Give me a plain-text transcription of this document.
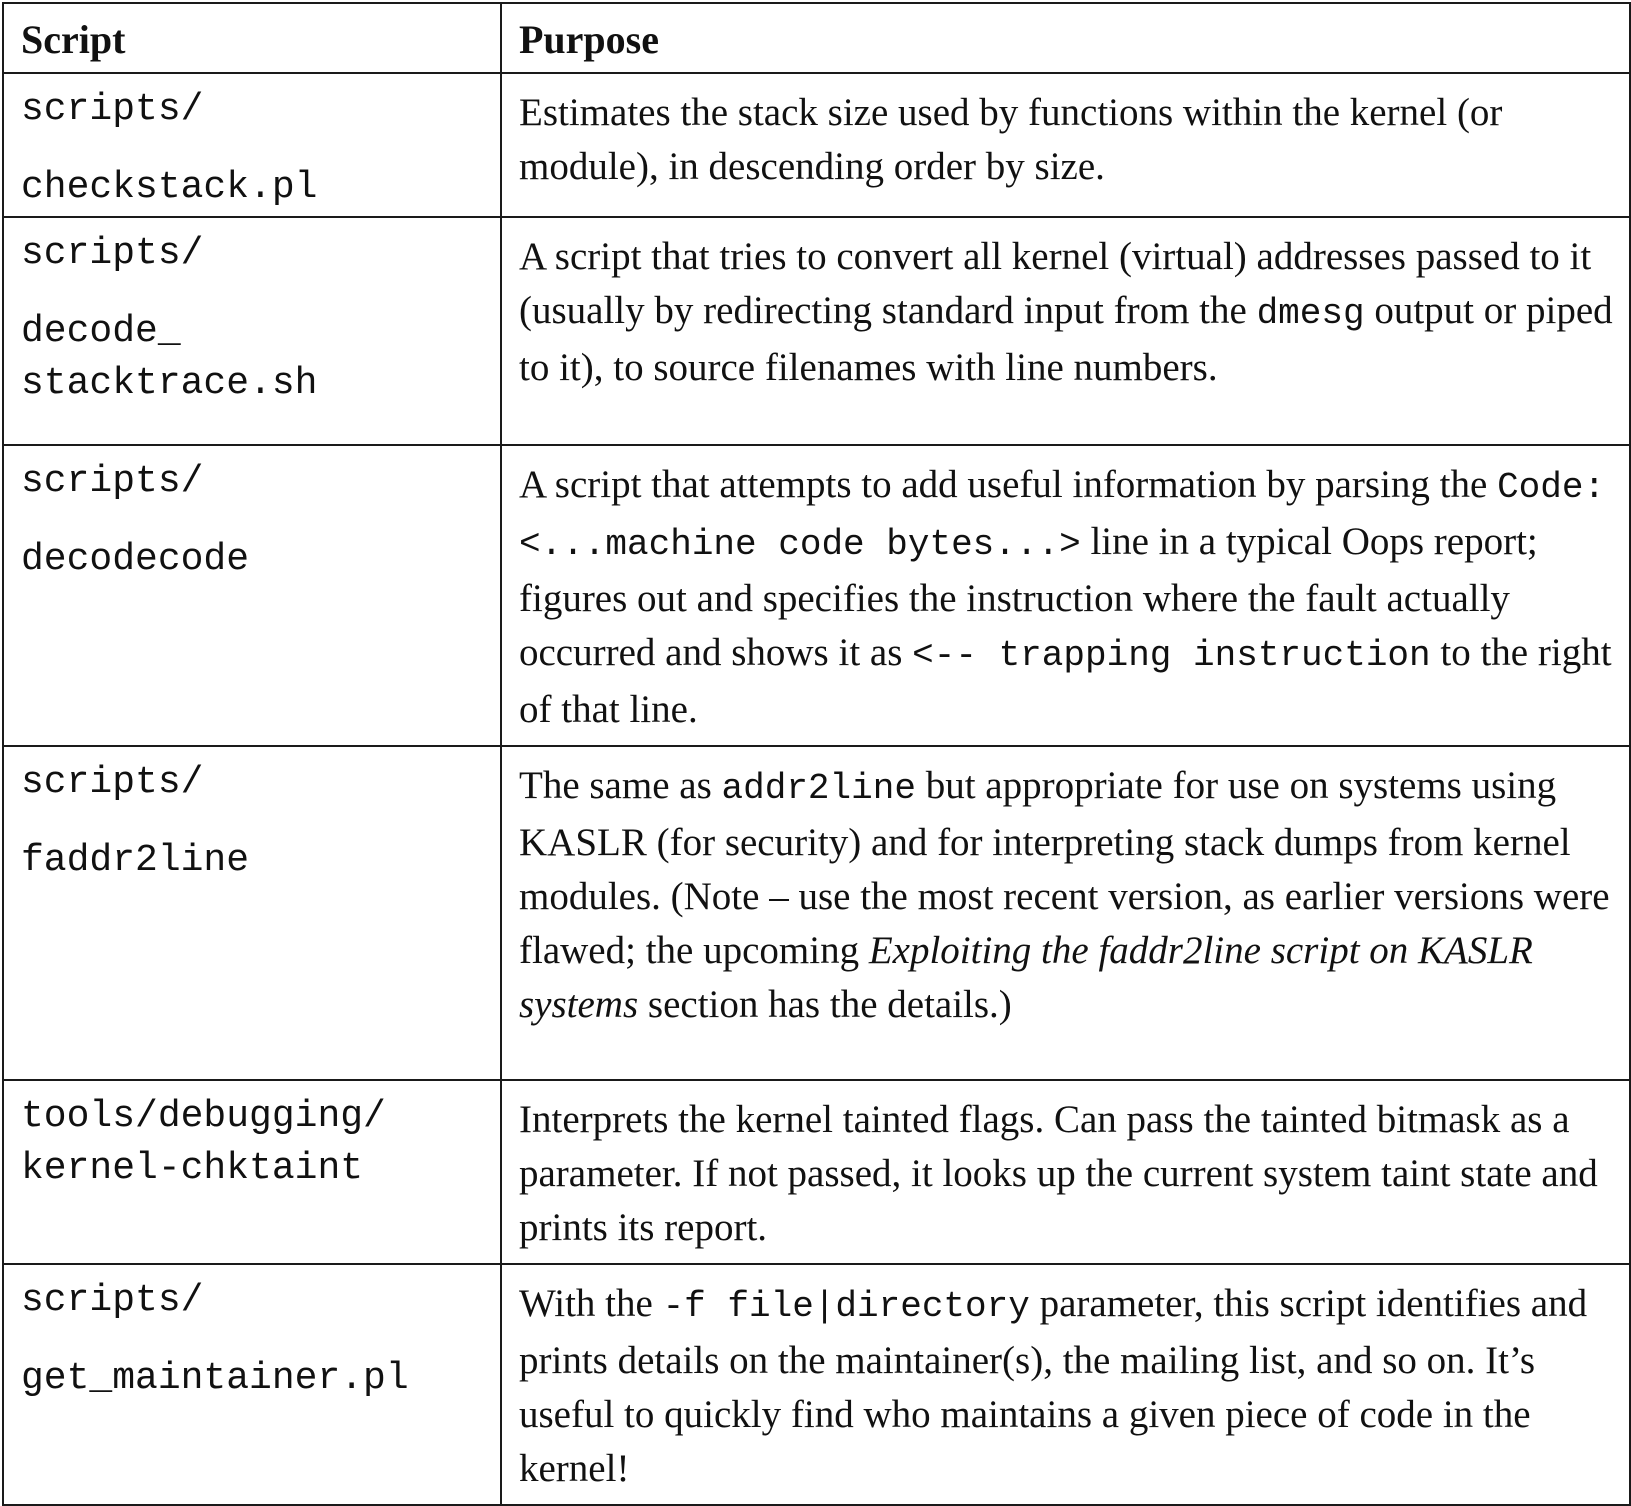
Script	Purpose

scripts/
checkstack.pl	Estimates the stack size used by functions within the kernel (or module), in descending order by size.

scripts/
decode_
stacktrace.sh	A script that tries to convert all kernel (virtual) addresses passed to it (usually by redirecting standard input from the dmesg output or piped to it), to source filenames with line numbers.

scripts/
decodecode	A script that attempts to add useful information by parsing the Code: <...machine code bytes...> line in a typical Oops report; figures out and specifies the instruction where the fault actually occurred and shows it as <-- trapping instruction to the right of that line.

scripts/
faddr2line	The same as addr2line but appropriate for use on systems using KASLR (for security) and for interpreting stack dumps from kernel modules. (Note – use the most recent version, as earlier versions were flawed; the upcoming Exploiting the faddr2line script on KASLR systems section has the details.)

tools/debugging/
kernel-chktaint	Interprets the kernel tainted flags. Can pass the tainted bitmask as a parameter. If not passed, it looks up the current system taint state and prints its report.

scripts/
get_maintainer.pl	With the -f file|directory parameter, this script identifies and prints details on the maintainer(s), the mailing list, and so on. It’s useful to quickly find who maintains a given piece of code in the kernel!
